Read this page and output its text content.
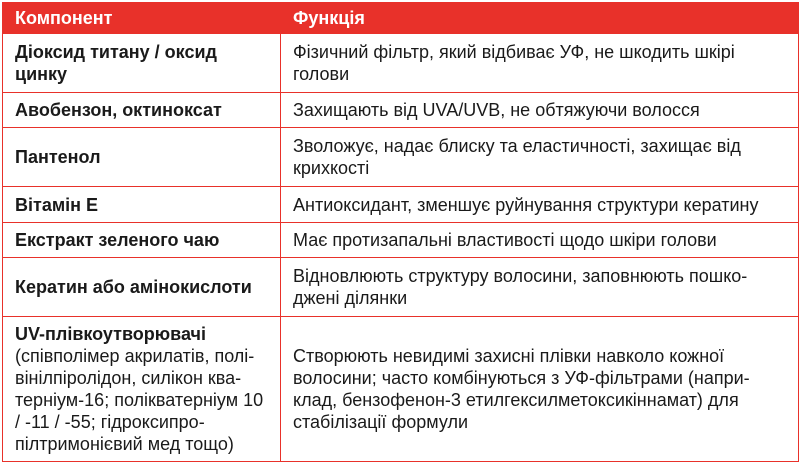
Компонент	Функція
Діоксид титану / оксид цинку	Фізичний фільтр, який відбиває УФ, не шкодить шкірі голови
Авобензон, октиноксат	Захищають від UVA/UVB, не обтяжуючи волосся
Пантенол	Зволожує, надає блиску та еластичності, захищає від крихкості
Вітамін Е	Антиоксидант, зменшує руйнування структури кератину
Екстракт зеленого чаю	Має протизапальні властивості щодо шкіри голови
Кератин або амінокислоти	Відновлюють структуру волосини, заповнюють пошко-джені ділянки
UV-плівкоутворювачі
(співполімер акрилатів, полі-вінілпіролідон, силікон ква-терніум-16; полікватерніум 10 / -11 / -55; гідроксипро-пілтримонієвий мед тощо)	Створюють невидимі захисні плівки навколо кожної волосини; часто комбінуються з УФ-фільтрами (напри-клад, бензофенон-3 етилгексилметоксикіннамат) для стабілізації формули
